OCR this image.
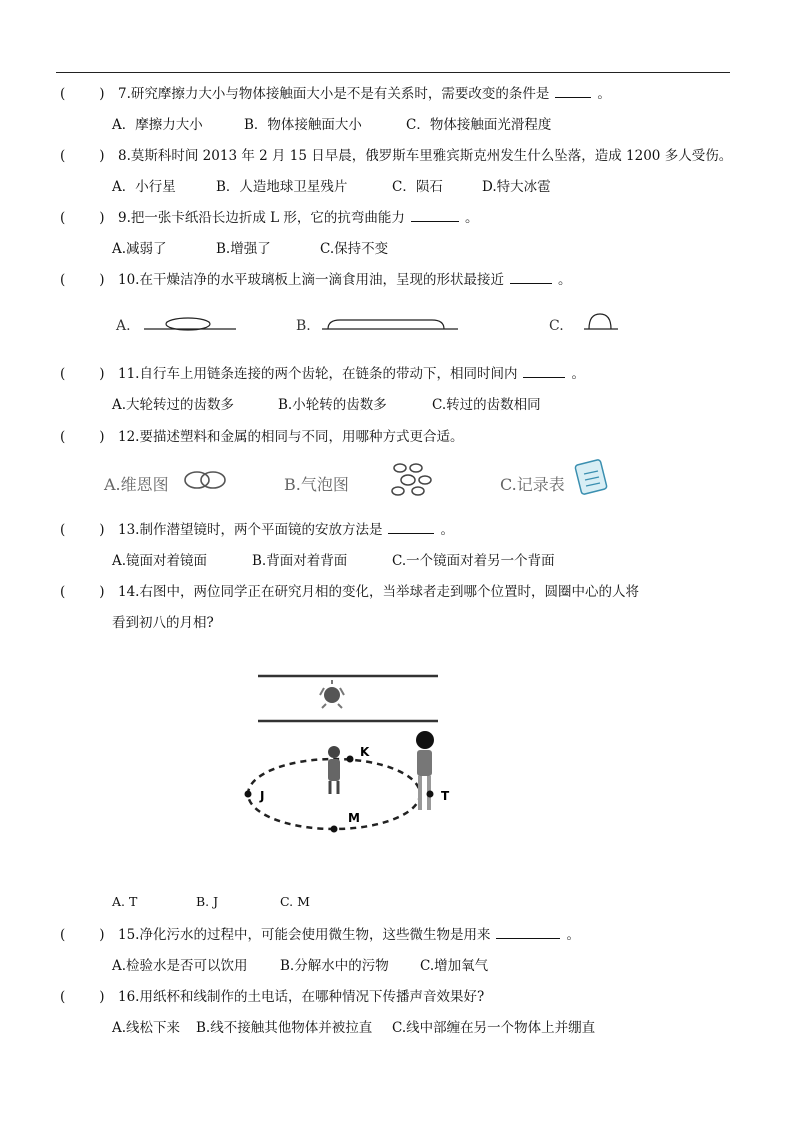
(	) 7.研究摩擦力大小与物体接触面大小是不是有关系时，需要改变的条件是	。
A．摩擦力大小	B．物体接触面大小	C．物体接触面光滑程度
(	) 8.莫斯科时间 2013 年 2 月 15 日早晨，俄罗斯车里雅宾斯克州发生什么坠落，造成 1200 多人受伤。
A．小行星	B．人造地球卫星残片	C．陨石	D.特大冰雹
(	) 9.把一张卡纸沿长边折成 L 形，它的抗弯曲能力	。
A.减弱了	B.增强了	C.保持不变
(	) 10.在干燥洁净的水平玻璃板上滴一滴食用油，呈现的形状最接近	。
A.	B.	C.
(	) 11.自行车上用链条连接的两个齿轮，在链条的带动下，相同时间内	。
A.大轮转过的齿数多	B.小轮转的齿数多	C.转过的齿数相同
(	) 12.要描述塑料和金属的相同与不同，用哪种方式更合适。
A.维恩图	B.气泡图	C.记录表
(	) 13.制作潜望镜时，两个平面镜的安放方法是	。
A.镜面对着镜面	B.背面对着背面	C.一个镜面对着另一个背面
(	) 14.右图中，两位同学正在研究月相的变化，当举球者走到哪个位置时，圆圈中心的人将
看到初八的月相?
K
J	T
M
A. T	B. J	C. M
(	) 15.净化污水的过程中，可能会使用微生物，这些微生物是用来	。
A.检验水是否可以饮用 B.分解水中的污物 C.增加氧气
(	) 16.用纸杯和线制作的土电话，在哪种情况下传播声音效果好?
A.线松下来 B.线不接触其他物体并被拉直 C.线中部缠在另一个物体上并绷直
